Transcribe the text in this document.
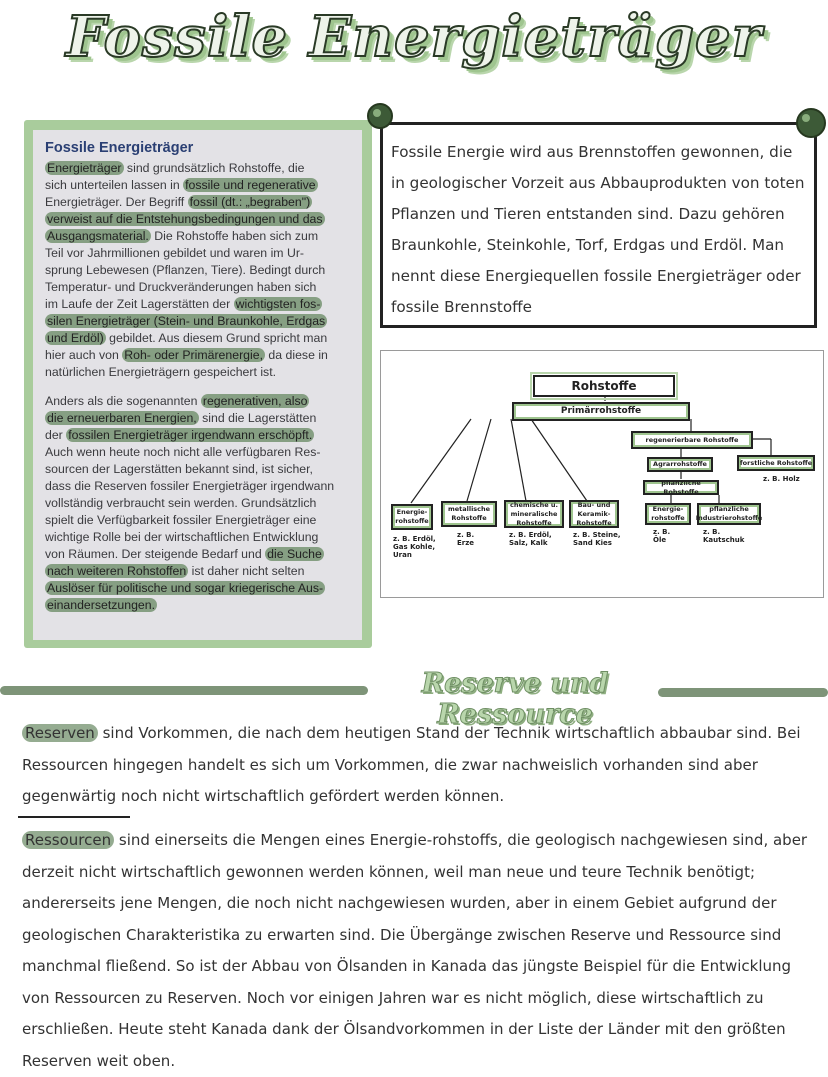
Fossile Energieträger
Fossile Energieträger
Energieträger sind grundsätzlich Rohstoffe, die
sich unterteilen lassen in fossile und regenerative
Energieträger. Der Begriff fossil (dt.: „begraben")
verweist auf die Entstehungsbedingungen und das
Ausgangsmaterial. Die Rohstoffe haben sich zum
Teil vor Jahrmillionen gebildet und waren im Ur-
sprung Lebewesen (Pflanzen, Tiere). Bedingt durch
Temperatur- und Druckveränderungen haben sich
im Laufe der Zeit Lagerstätten der wichtigsten fos-
silen Energieträger (Stein- und Braunkohle, Erdgas
und Erdöl) gebildet. Aus diesem Grund spricht man
hier auch von Roh- oder Primärenergie, da diese in
natürlichen Energieträgern gespeichert ist.
Anders als die sogenannten regenerativen, also
die erneuerbaren Energien, sind die Lagerstätten
der fossilen Energieträger irgendwann erschöpft.
Auch wenn heute noch nicht alle verfügbaren Res-
sourcen der Lagerstätten bekannt sind, ist sicher,
dass die Reserven fossiler Energieträger irgendwann
vollständig verbraucht sein werden. Grundsätzlich
spielt die Verfügbarkeit fossiler Energieträger eine
wichtige Rolle bei der wirtschaftlichen Entwicklung
von Räumen. Der steigende Bedarf und die Suche
nach weiteren Rohstoffen ist daher nicht selten
Auslöser für politische und sogar kriegerische Aus-
einandersetzungen.
Fossile Energie wird aus Brennstoffen gewonnen, die in geologischer Vorzeit aus Abbauprodukten von toten Pflanzen und Tieren entstanden sind. Dazu gehören Braunkohle, Steinkohle, Torf, Erdgas und Erdöl. Man nennt diese Energiequellen fossile Energieträger oder fossile Brennstoffe
Rohstoffe
Primärrohstoffe
regenerierbare Rohstoffe
Agrarrohstoffe	forstliche Rohstoffe
z. B. Holz
pflanzliche Rohstoffe
Energie-rohstoffe
z. B. Öle
pflanzliche Industrierohstoffe
z. B. Kautschuk
Energie-rohstoffe
z. B. Erdöl, Gas Kohle, Uran
metallische Rohstoffe
z. B. Erze
chemische u. mineralische Rohstoffe
z. B. Erdöl, Salz, Kalk
Bau- und Keramik-Rohstoffe
z. B. Steine, Sand Kies
Reserve und Ressource
Reserven sind Vorkommen, die nach dem heutigen Stand der Technik wirtschaftlich abbaubar sind. Bei Ressourcen hingegen handelt es sich um Vorkommen, die zwar nachweislich vorhanden sind aber gegenwärtig noch nicht wirtschaftlich gefördert werden können.
Ressourcen sind einerseits die Mengen eines Energie-rohstoffs, die geologisch nachgewiesen sind, aber derzeit nicht wirtschaftlich gewonnen werden können, weil man neue und teure Technik benötigt; andererseits jene Mengen, die noch nicht nachgewiesen wurden, aber in einem Gebiet aufgrund der geologischen Charakteristika zu erwarten sind. Die Übergänge zwischen Reserve und Ressource sind manchmal fließend. So ist der Abbau von Ölsanden in Kanada das jüngste Beispiel für die Entwicklung von Ressourcen zu Reserven. Noch vor einigen Jahren war es nicht möglich, diese wirtschaftlich zu erschließen. Heute steht Kanada dank der Ölsandvorkommen in der Liste der Länder mit den größten Reserven weit oben.
